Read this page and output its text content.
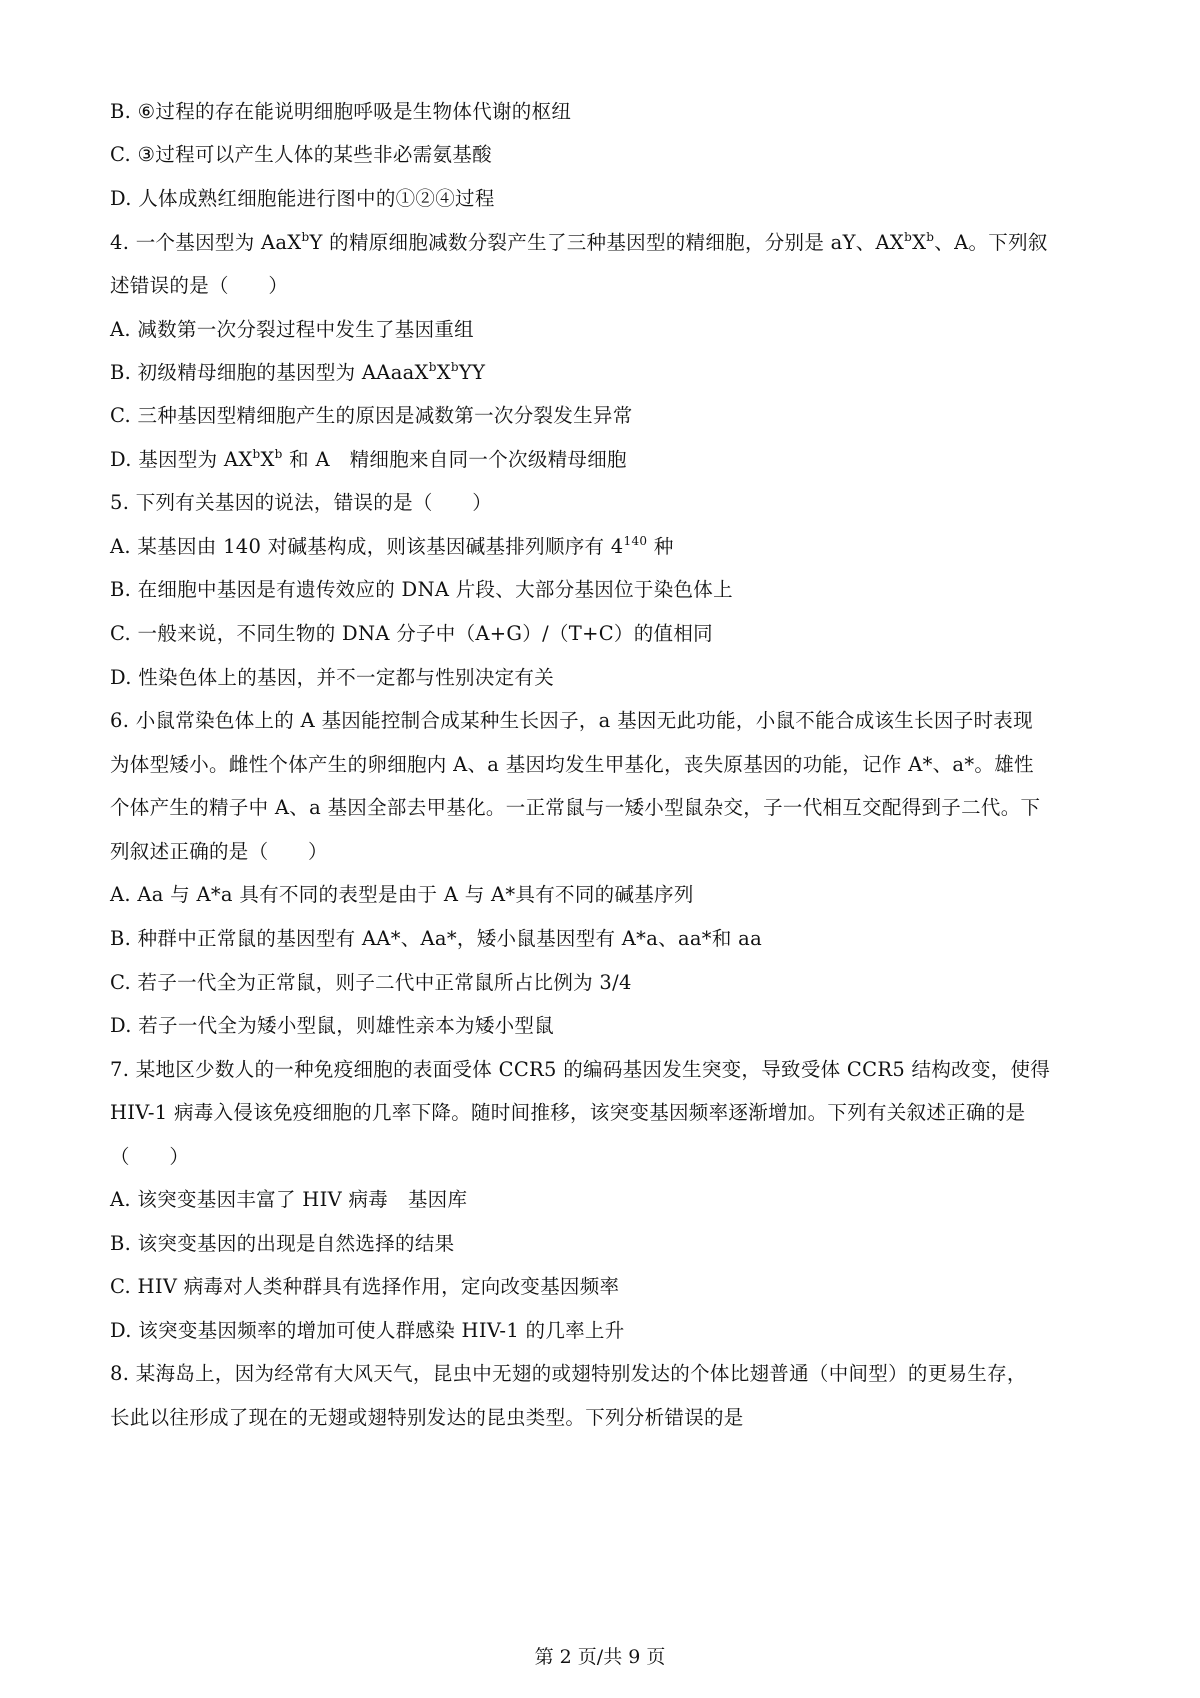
B. ⑥过程的存在能说明细胞呼吸是生物体代谢的枢纽
C. ③过程可以产生人体的某些非必需氨基酸
D. 人体成熟红细胞能进行图中的①②④过程
4. 一个基因型为 AaX$^b$Y 的精原细胞减数分裂产生了三种基因型的精细胞，分别是 aY、$AX^bX^b$、A。下列叙
述错误的是（　　）
A. 减数第一次分裂过程中发生了基因重组
B. 初级精母细胞的基因型为 $AAaaX^bX^bYY$
C. 三种基因型精细胞产生的原因是减数第一次分裂发生异常
D. 基因型为 $AX^bX^b$ 和 A　精细胞来自同一个次级精母细胞
5. 下列有关基因的说法，错误的是（　　）
A. 某基因由 140 对碱基构成，则该基因碱基排列顺序有 $4^{140}$ 种
B. 在细胞中基因是有遗传效应的 DNA 片段、大部分基因位于染色体上
C. 一般来说，不同生物的 DNA 分子中（A+G）/（T+C）的值相同
D. 性染色体上的基因，并不一定都与性别决定有关
6. 小鼠常染色体上的 A 基因能控制合成某种生长因子，a 基因无此功能，小鼠不能合成该生长因子时表现
为体型矮小。雌性个体产生的卵细胞内 A、a 基因均发生甲基化，丧失原基因的功能，记作 A*、a*。雄性
个体产生的精子中 A、a 基因全部去甲基化。一正常鼠与一矮小型鼠杂交，子一代相互交配得到子二代。下
列叙述正确的是（　　）
A. Aa 与 A*a 具有不同的表型是由于 A 与 A*具有不同的碱基序列
B. 种群中正常鼠的基因型有 AA*、Aa*，矮小鼠基因型有 A*a、aa*和 aa
C. 若子一代全为正常鼠，则子二代中正常鼠所占比例为 3/4
D. 若子一代全为矮小型鼠，则雄性亲本为矮小型鼠
7. 某地区少数人的一种免疫细胞的表面受体 CCR5 的编码基因发生突变，导致受体 CCR5 结构改变，使得
HIV-1 病毒入侵该免疫细胞的几率下降。随时间推移，该突变基因频率逐渐增加。下列有关叙述正确的是
（　　）
A. 该突变基因丰富了 HIV 病毒　基因库
B. 该突变基因的出现是自然选择的结果
C. HIV 病毒对人类种群具有选择作用，定向改变基因频率
D. 该突变基因频率的增加可使人群感染 HIV-1 的几率上升
8. 某海岛上，因为经常有大风天气，昆虫中无翅的或翅特别发达的个体比翅普通（中间型）的更易生存，
长此以往形成了现在的无翅或翅特别发达的昆虫类型。下列分析错误的是
第 2 页/共 9 页
